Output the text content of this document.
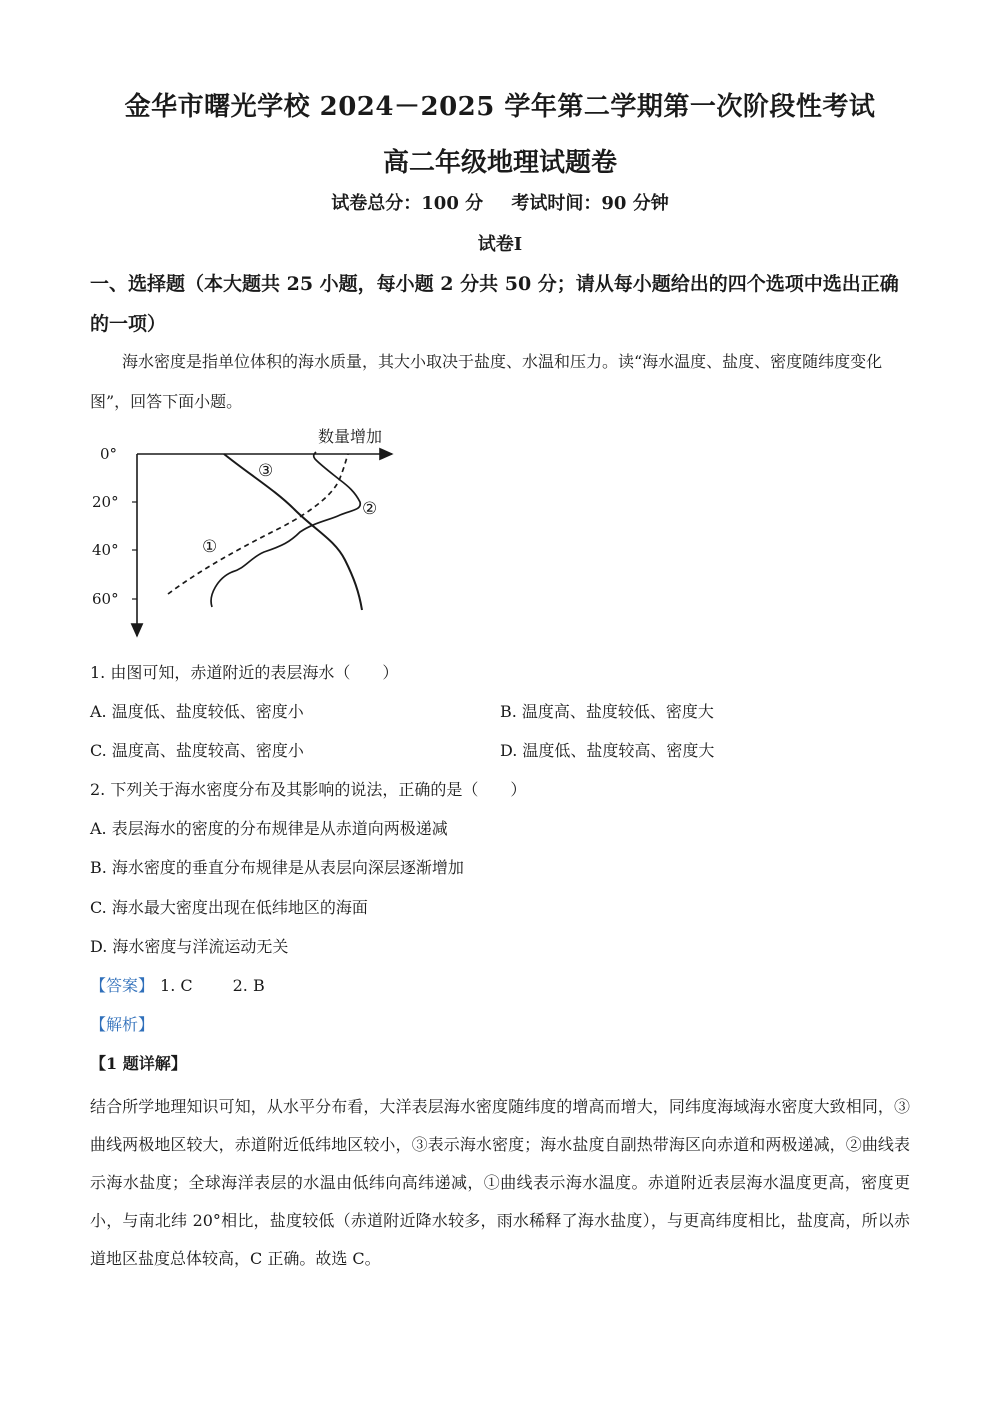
金华市曙光学校 2024－2025 学年第二学期第一次阶段性考试
高二年级地理试题卷
试卷总分：100 分 考试时间：90 分钟
试卷Ⅰ
一、选择题（本大题共 25 小题，每小题 2 分共 50 分；请从每小题给出的四个选项中选出正确的一项）
海水密度是指单位体积的海水质量，其大小取决于盐度、水温和压力。读“海水温度、盐度、密度随纬度变化图”，回答下面小题。
数量增加
0°
20°
40°
60°
①
②
③
1. 由图可知，赤道附近的表层海水（　　）
A. 温度低、盐度较低、密度小	B. 温度高、盐度较低、密度大
C. 温度高、盐度较高、密度小	D. 温度低、盐度较高、密度大
2. 下列关于海水密度分布及其影响的说法，正确的是（　　）
A. 表层海水的密度的分布规律是从赤道向两极递减
B. 海水密度的垂直分布规律是从表层向深层逐渐增加
C. 海水最大密度出现在低纬地区的海面
D. 海水密度与洋流运动无关
【答案】 1. C	2. B
【解析】
【1 题详解】
结合所学地理知识可知，从水平分布看，大洋表层海水密度随纬度的增高而增大，同纬度海域海水密度大致相同，③曲线两极地区较大，赤道附近低纬地区较小，③表示海水密度；海水盐度自副热带海区向赤道和两极递减，②曲线表示海水盐度；全球海洋表层的水温由低纬向高纬递减，①曲线表示海水温度。赤道附近表层海水温度更高，密度更小，与南北纬 20°相比，盐度较低（赤道附近降水较多，雨水稀释了海水盐度），与更高纬度相比，盐度高，所以赤道地区盐度总体较高，C 正确。故选 C。
